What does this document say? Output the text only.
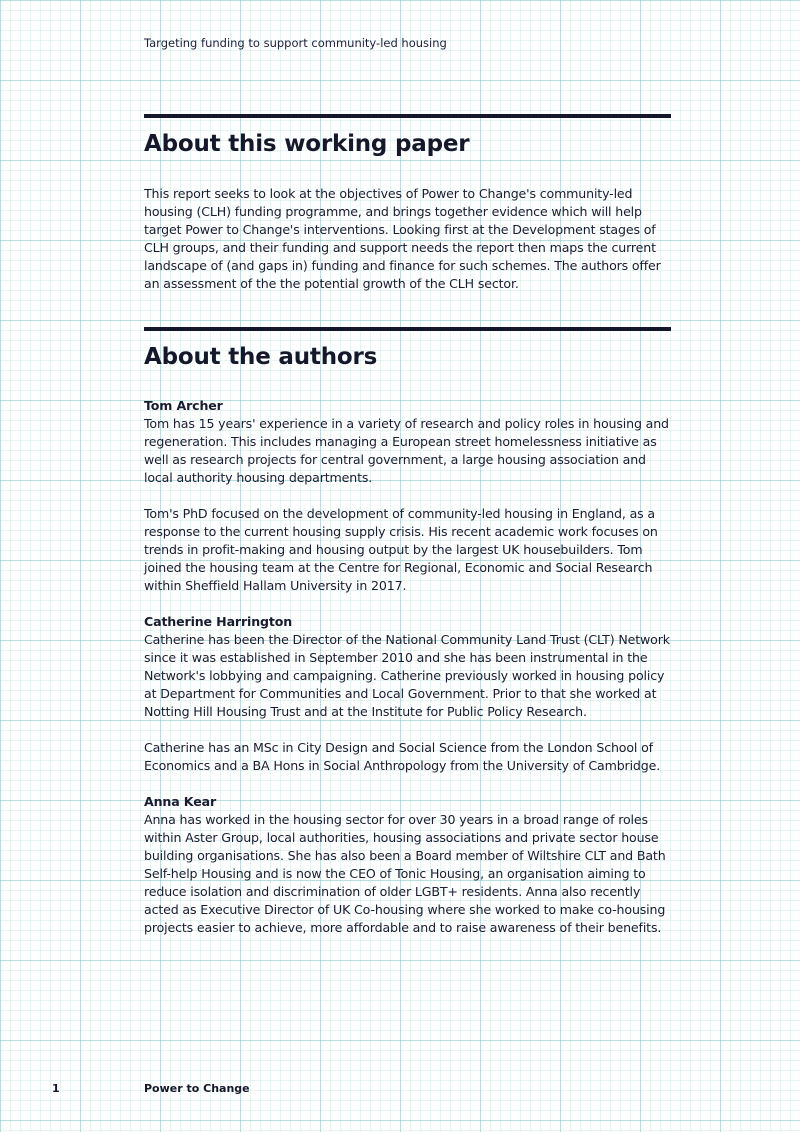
Targeting funding to support community-led housing
About this working paper

This report seeks to look at the objectives of Power to Change's community-led housing (CLH) funding programme, and brings together evidence which will help target Power to Change's interventions. Looking first at the Development stages of CLH groups, and their funding and support needs the report then maps the current landscape of (and gaps in) funding and finance for such schemes. The authors offer an assessment of the the potential growth of the CLH sector.

About the authors

Tom Archer

Tom has 15 years' experience in a variety of research and policy roles in housing and regeneration. This includes managing a European street homelessness initiative as well as research projects for central government, a large housing association and local authority housing departments.

Tom's PhD focused on the development of community-led housing in England, as a response to the current housing supply crisis. His recent academic work focuses on trends in profit-making and housing output by the largest UK housebuilders. Tom joined the housing team at the Centre for Regional, Economic and Social Research within Sheffield Hallam University in 2017.

Catherine Harrington

Catherine has been the Director of the National Community Land Trust (CLT) Network since it was established in September 2010 and she has been instrumental in the Network's lobbying and campaigning. Catherine previously worked in housing policy at Department for Communities and Local Government. Prior to that she worked at Notting Hill Housing Trust and at the Institute for Public Policy Research.

Catherine has an MSc in City Design and Social Science from the London School of Economics and a BA Hons in Social Anthropology from the University of Cambridge.

Anna Kear

Anna has worked in the housing sector for over 30 years in a broad range of roles within Aster Group, local authorities, housing associations and private sector house building organisations. She has also been a Board member of Wiltshire CLT and Bath Self-help Housing and is now the CEO of Tonic Housing, an organisation aiming to reduce isolation and discrimination of older LGBT+ residents. Anna also recently acted as Executive Director of UK Co-housing where she worked to make co-housing projects easier to achieve, more affordable and to raise awareness of their benefits.

1	Power to Change
